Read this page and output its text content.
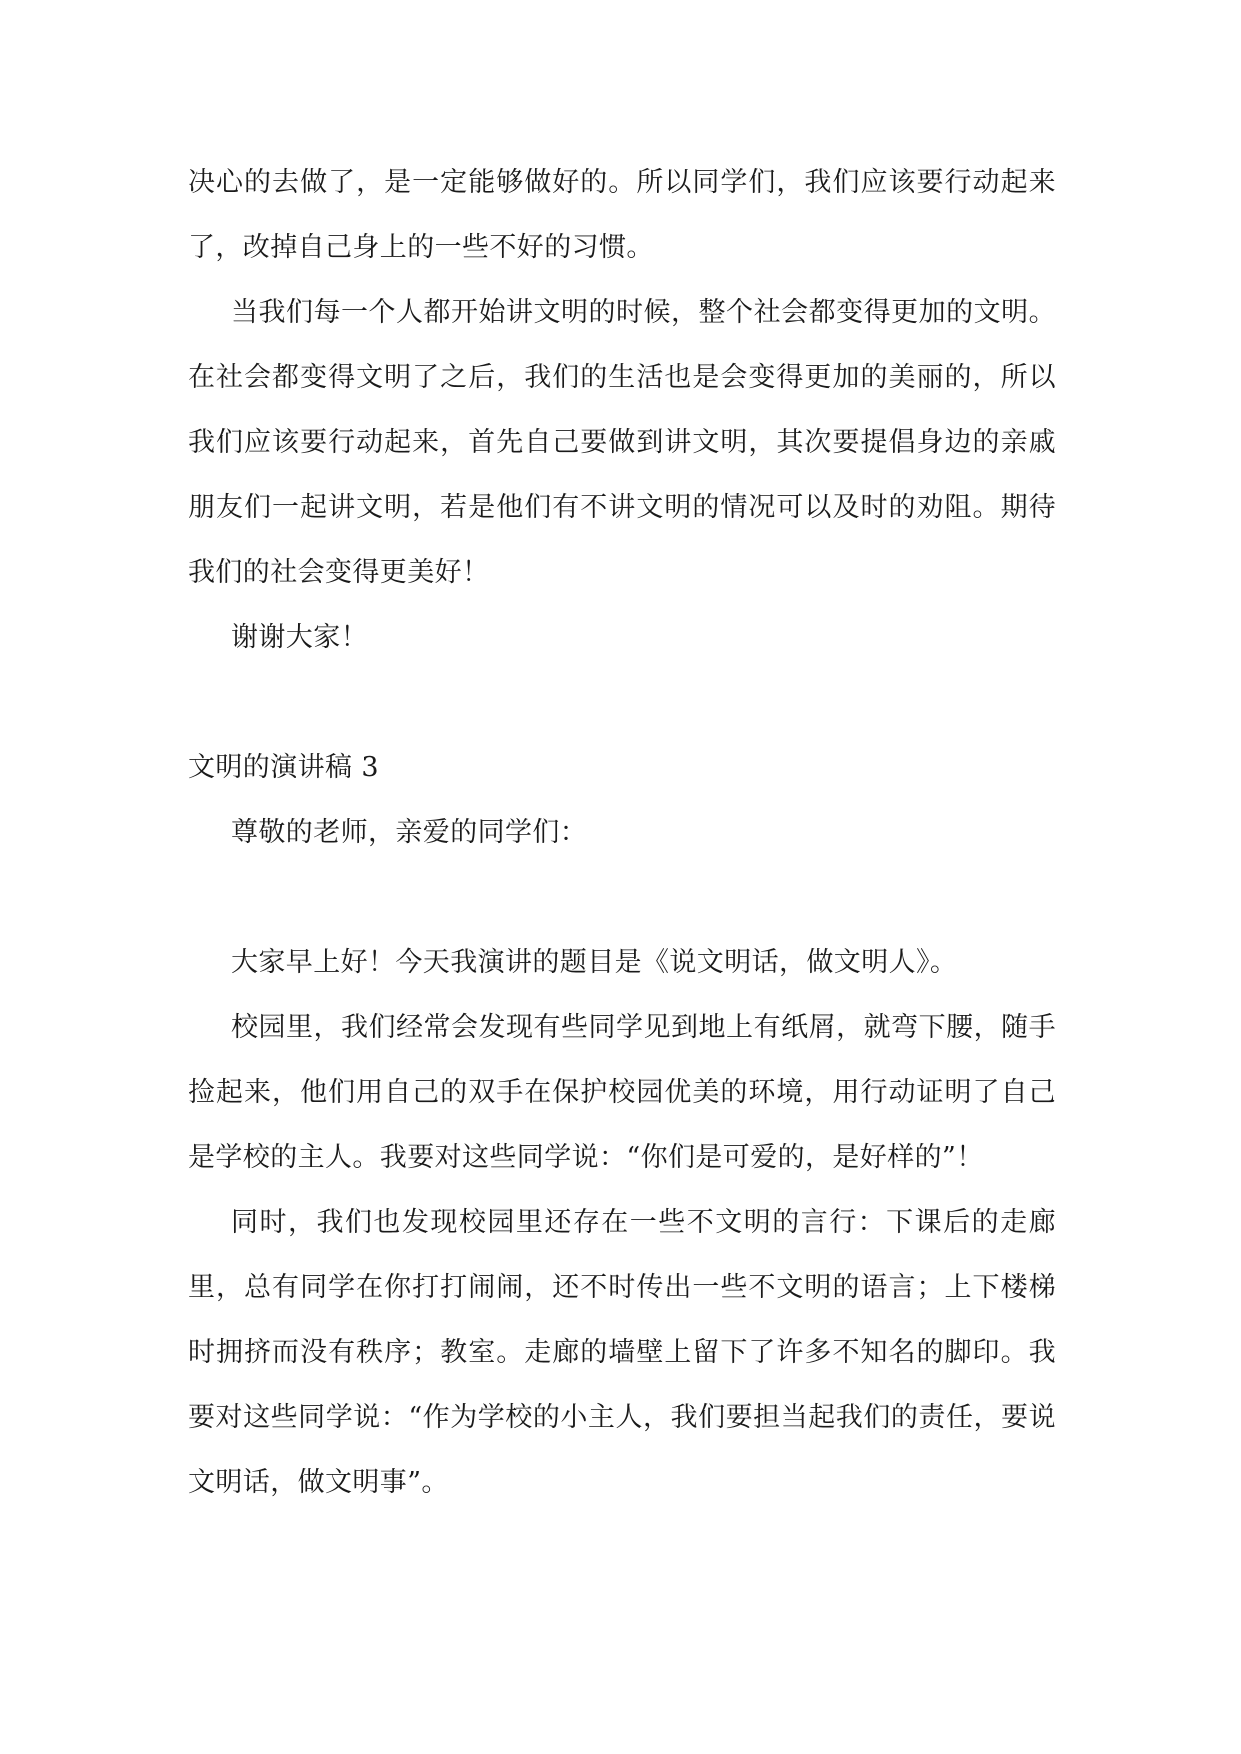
决心的去做了，是一定能够做好的。所以同学们，我们应该要行动起来了，改掉自己身上的一些不好的习惯。

当我们每一个人都开始讲文明的时候，整个社会都变得更加的文明。在社会都变得文明了之后，我们的生活也是会变得更加的美丽的，所以我们应该要行动起来，首先自己要做到讲文明，其次要提倡身边的亲戚朋友们一起讲文明，若是他们有不讲文明的情况可以及时的劝阻。期待我们的社会变得更美好！

谢谢大家！

文明的演讲稿 3

尊敬的老师，亲爱的同学们：

大家早上好！今天我演讲的题目是《说文明话，做文明人》。

校园里，我们经常会发现有些同学见到地上有纸屑，就弯下腰，随手捡起来，他们用自己的双手在保护校园优美的环境，用行动证明了自己是学校的主人。我要对这些同学说：“你们是可爱的，是好样的”！

同时，我们也发现校园里还存在一些不文明的言行：下课后的走廊里，总有同学在你打打闹闹，还不时传出一些不文明的语言；上下楼梯时拥挤而没有秩序；教室。走廊的墙壁上留下了许多不知名的脚印。我要对这些同学说：“作为学校的小主人，我们要担当起我们的责任，要说文明话，做文明事”。
